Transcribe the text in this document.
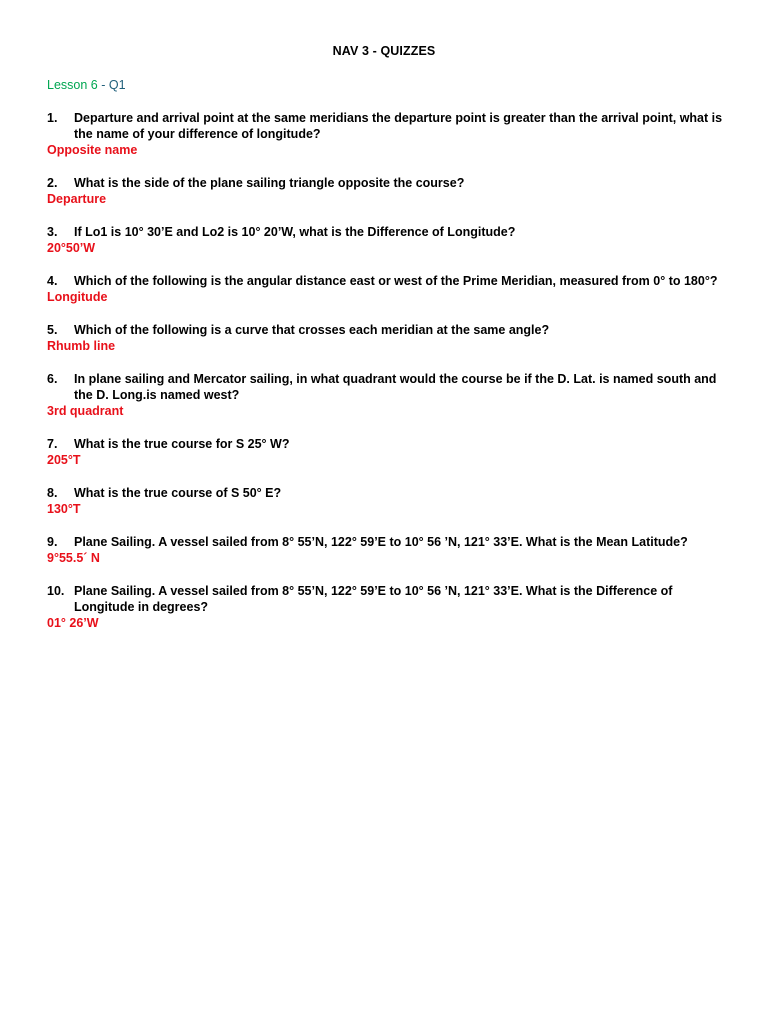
NAV 3 - QUIZZES
Lesson 6 - Q1
1. Departure and arrival point at the same meridians the departure point is greater than the arrival point, what is the name of your difference of longitude?
Opposite name
2. What is the side of the plane sailing triangle opposite the course?
Departure
3. If Lo1 is 10° 30’E and Lo2 is 10° 20’W, what is the Difference of Longitude?
20°50’W
4. Which of the following is the angular distance east or west of the Prime Meridian, measured from 0° to 180°?
Longitude
5. Which of the following is a curve that crosses each meridian at the same angle?
Rhumb line
6. In plane sailing and Mercator sailing, in what quadrant would the course be if the D. Lat. is named south and the D. Long.is named west?
3rd quadrant
7. What is the true course for S 25° W?
205°T
8. What is the true course of S 50° E?
130°T
9. Plane Sailing. A vessel sailed from 8° 55’N, 122° 59’E to 10° 56 ’N, 121° 33’E. What is the Mean Latitude?
9°55.5´ N
10. Plane Sailing. A vessel sailed from 8° 55’N, 122° 59’E to 10° 56 ’N, 121° 33’E. What is the Difference of Longitude in degrees?
01° 26’W
